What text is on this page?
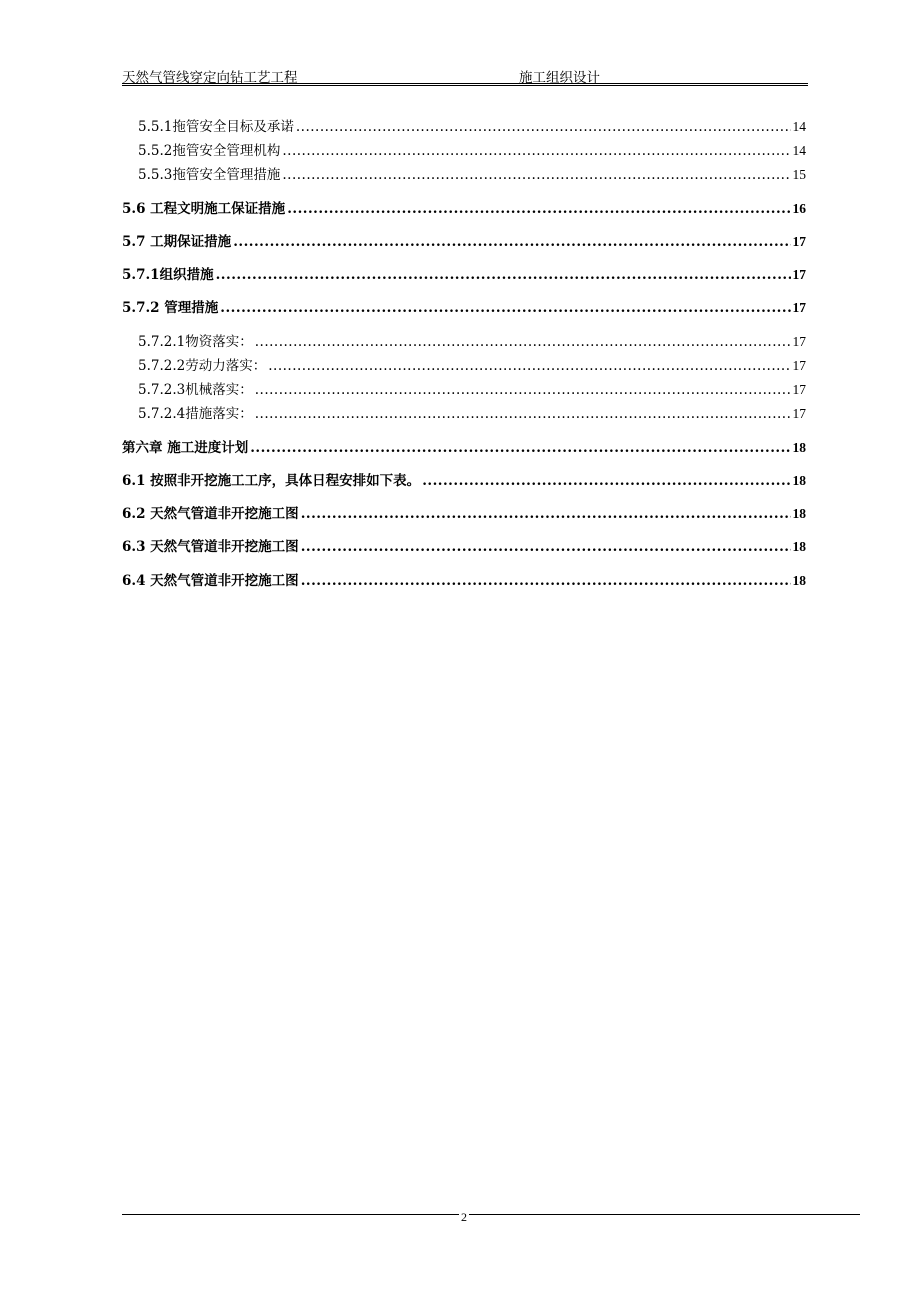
天然气管线穿定向钻工艺工程	施工组织设计
5.5.1拖管安全目标及承诺 .....	14
5.5.2拖管安全管理机构 .....	14
5.5.3拖管安全管理措施 .....	15
5.6 工程文明施工保证措施 .....	16
5.7 工期保证措施 .....	17
5.7.1组织措施 .....	17
5.7.2 管理措施 .....	17
5.7.2.1物资落实： .....	17
5.7.2.2劳动力落实： .....	17
5.7.2.3机械落实： .....	17
5.7.2.4措施落实： .....	17
第六章 施工进度计划 .....	18
6.1 按照非开挖施工工序，具体日程安排如下表。 .....	18
6.2 天然气管道非开挖施工图 .....	18
6.3 天然气管道非开挖施工图 .....	18
6.4 天然气管道非开挖施工图 .....	18
2
